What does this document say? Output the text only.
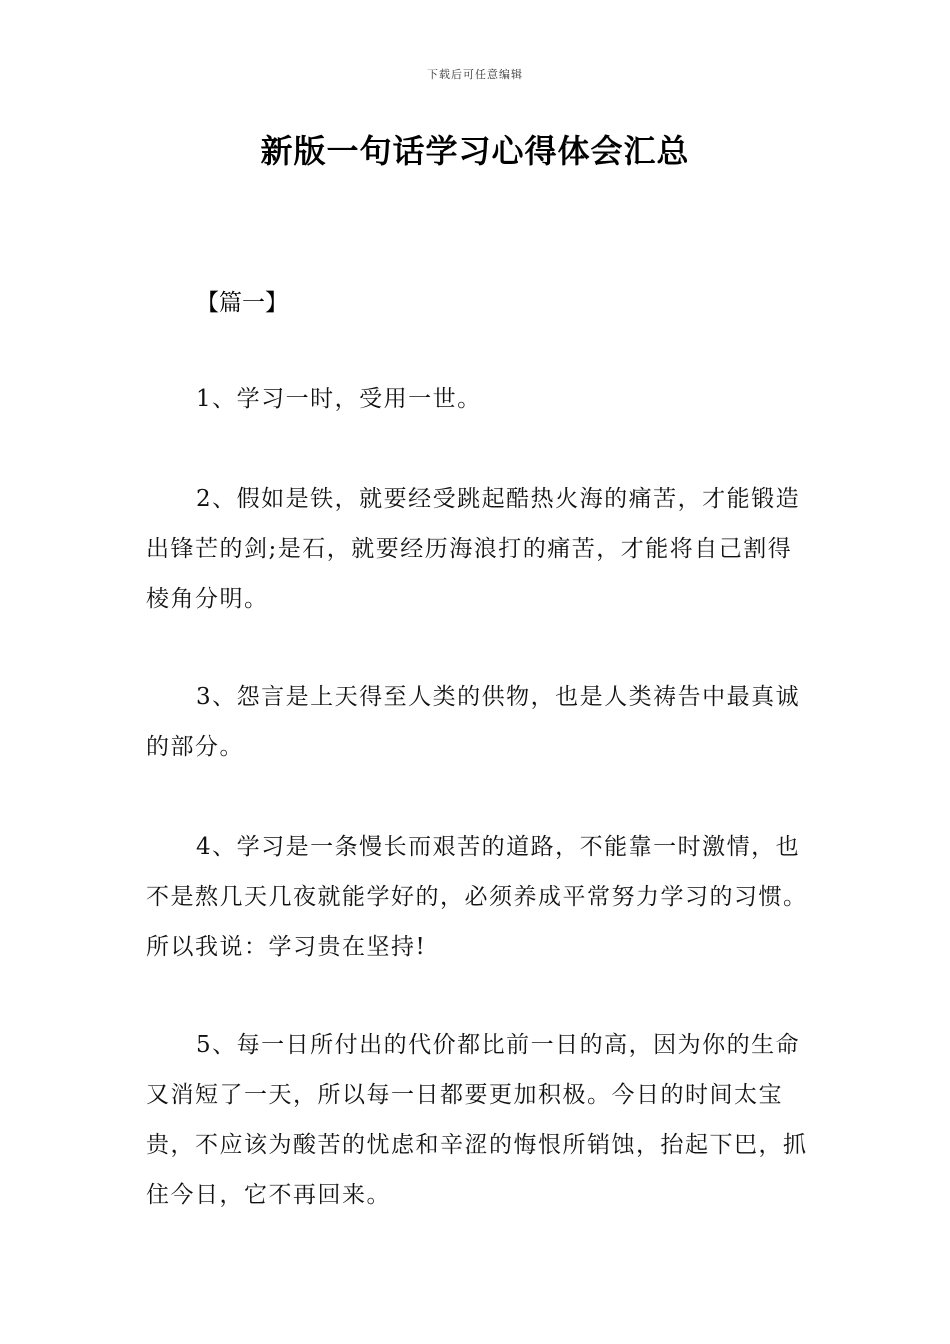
下载后可任意编辑
新版一句话学习心得体会汇总
【篇一】

1、学习一时，受用一世。

2、假如是铁，就要经受跳起酷热火海的痛苦，才能锻造出锋芒的剑;是石，就要经历海浪打的痛苦，才能将自己割得棱角分明。

3、怨言是上天得至人类的供物，也是人类祷告中最真诚的部分。

4、学习是一条慢长而艰苦的道路，不能靠一时激情，也不是熬几天几夜就能学好的，必须养成平常努力学习的习惯。所以我说：学习贵在坚持!

5、每一日所付出的代价都比前一日的高，因为你的生命又消短了一天，所以每一日都要更加积极。今日的时间太宝贵，不应该为酸苦的忧虑和辛涩的悔恨所销蚀，抬起下巴，抓住今日，它不再回来。
